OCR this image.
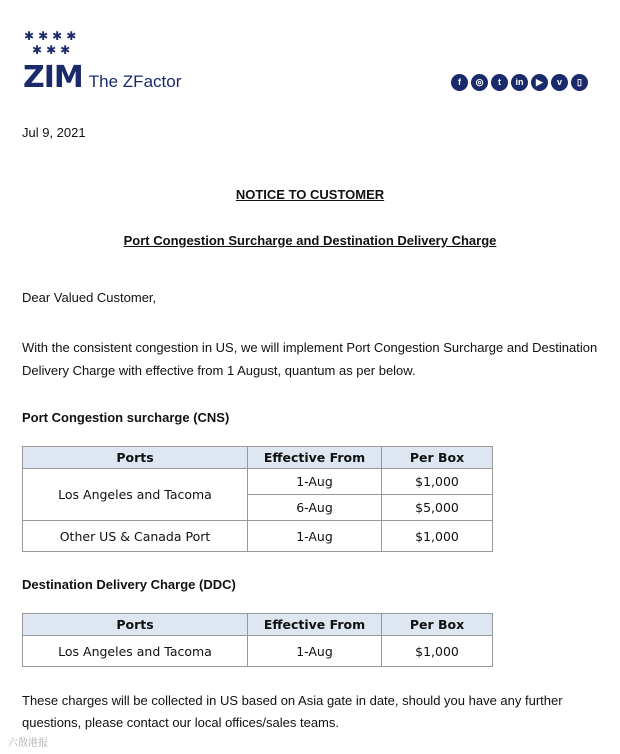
✱ ✱ ✱ ✱
✱ ✱ ✱
ZIM The ZFactor	f	◎	t	in	▶	v	▯
Jul 9, 2021
NOTICE TO CUSTOMER
Port Congestion Surcharge and Destination Delivery Charge
Dear Valued Customer,
With the consistent congestion in US, we will implement Port Congestion Surcharge and Destination
Delivery Charge with effective from 1 August, quantum as per below.
Port Congestion surcharge (CNS)
Ports	Effective From	Per Box
Los Angeles and Tacoma	1-Aug	$1,000
	6-Aug	$5,000
Other US & Canada Port	1-Aug	$1,000
Destination Delivery Charge (DDC)
Ports	Effective From	Per Box
Los Angeles and Tacoma	1-Aug	$1,000
These charges will be collected in US based on Asia gate in date, should you have any further
questions, please contact our local offices/sales teams.
六散港报
